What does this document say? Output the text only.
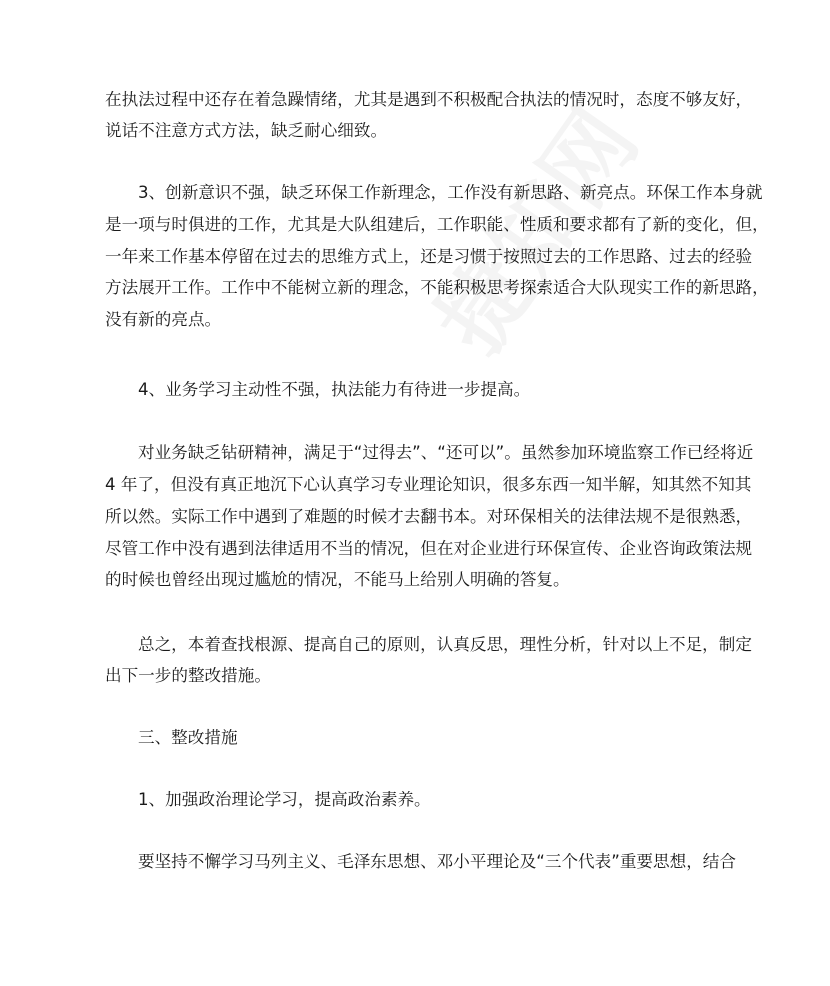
在执法过程中还存在着急躁情绪，尤其是遇到不积极配合执法的情况时，态度不够友好，
说话不注意方式方法，缺乏耐心细致。
3、创新意识不强，缺乏环保工作新理念，工作没有新思路、新亮点。环保工作本身就
是一项与时俱进的工作，尤其是大队组建后，工作职能、性质和要求都有了新的变化，但，
一年来工作基本停留在过去的思维方式上，还是习惯于按照过去的工作思路、过去的经验
方法展开工作。工作中不能树立新的理念，不能积极思考探索适合大队现实工作的新思路，
没有新的亮点。
4、业务学习主动性不强，执法能力有待进一步提高。
对业务缺乏钻研精神，满足于“过得去”、“还可以”。虽然参加环境监察工作已经将近
4 年了，但没有真正地沉下心认真学习专业理论知识，很多东西一知半解，知其然不知其
所以然。实际工作中遇到了难题的时候才去翻书本。对环保相关的法律法规不是很熟悉，
尽管工作中没有遇到法律适用不当的情况，但在对企业进行环保宣传、企业咨询政策法规
的时候也曾经出现过尴尬的情况，不能马上给别人明确的答复。
总之，本着查找根源、提高自己的原则，认真反思，理性分析，针对以上不足，制定
出下一步的整改措施。
三、整改措施
1、加强政治理论学习，提高政治素养。
要坚持不懈学习马列主义、毛泽东思想、邓小平理论及“三个代表”重要思想，结合
